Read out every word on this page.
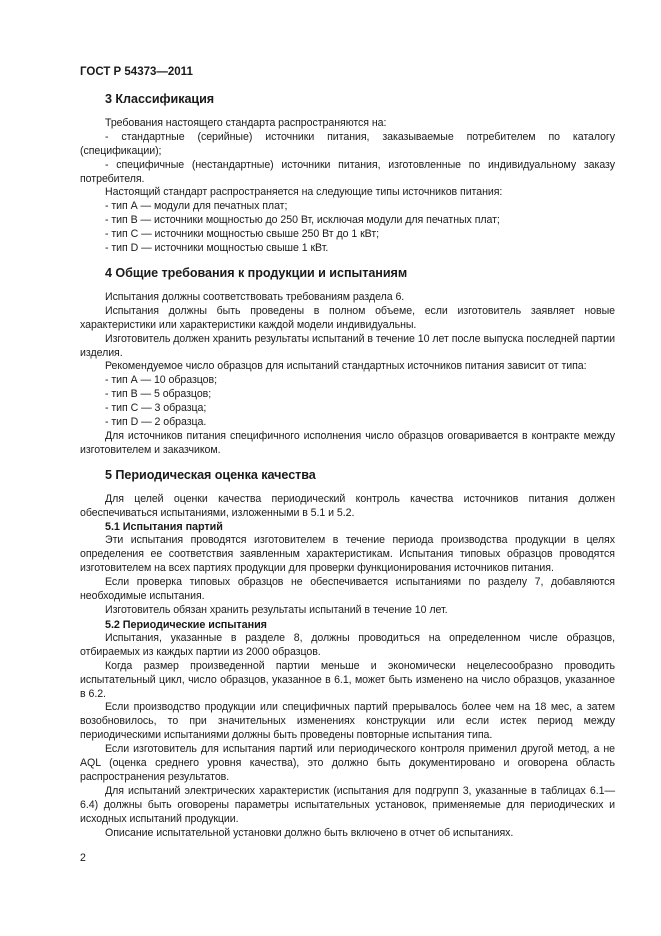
ГОСТ Р 54373—2011
3 Классификация

Требования настоящего стандарта распространяются на:

- стандартные (серийные) источники питания, заказываемые потребителем по каталогу (спецификации);

- специфичные (нестандартные) источники питания, изготовленные по индивидуальному заказу потребителя.

Настоящий стандарт распространяется на следующие типы источников питания:

- тип А — модули для печатных плат;

- тип В — источники мощностью до 250 Вт, исключая модули для печатных плат;

- тип С — источники мощностью свыше 250 Вт до 1 кВт;

- тип D — источники мощностью свыше 1 кВт.

4 Общие требования к продукции и испытаниям

Испытания должны соответствовать требованиям раздела 6.

Испытания должны быть проведены в полном объеме, если изготовитель заявляет новые характеристики или характеристики каждой модели индивидуальны.

Изготовитель должен хранить результаты испытаний в течение 10 лет после выпуска последней партии изделия.

Рекомендуемое число образцов для испытаний стандартных источников питания зависит от типа:

- тип А — 10 образцов;

- тип В — 5 образцов;

- тип С — 3 образца;

- тип D — 2 образца.

Для источников питания специфичного исполнения число образцов оговаривается в контракте между изготовителем и заказчиком.

5 Периодическая оценка качества

Для целей оценки качества периодический контроль качества источников питания должен обеспечиваться испытаниями, изложенными в 5.1 и 5.2.

5.1 Испытания партий

Эти испытания проводятся изготовителем в течение периода производства продукции в целях определения ее соответствия заявленным характеристикам. Испытания типовых образцов проводятся изготовителем на всех партиях продукции для проверки функционирования источников питания.

Если проверка типовых образцов не обеспечивается испытаниями по разделу 7, добавляются необходимые испытания.

Изготовитель обязан хранить результаты испытаний в течение 10 лет.

5.2 Периодические испытания

Испытания, указанные в разделе 8, должны проводиться на определенном числе образцов, отбираемых из каждых партии из 2000 образцов.

Когда размер произведенной партии меньше и экономически нецелесообразно проводить испытательный цикл, число образцов, указанное в 6.1, может быть изменено на число образцов, указанное в 6.2.

Если производство продукции или специфичных партий прерывалось более чем на 18 мес, а затем возобновилось, то при значительных изменениях конструкции или если истек период между периодическими испытаниями должны быть проведены повторные испытания типа.

Если изготовитель для испытания партий или периодического контроля применил другой метод, а не AQL (оценка среднего уровня качества), это должно быть документировано и оговорена область распространения результатов.

Для испытаний электрических характеристик (испытания для подгрупп 3, указанные в таблицах 6.1—6.4) должны быть оговорены параметры испытательных установок, применяемые для периодических и исходных испытаний продукции.

Описание испытательной установки должно быть включено в отчет об испытаниях.

2
